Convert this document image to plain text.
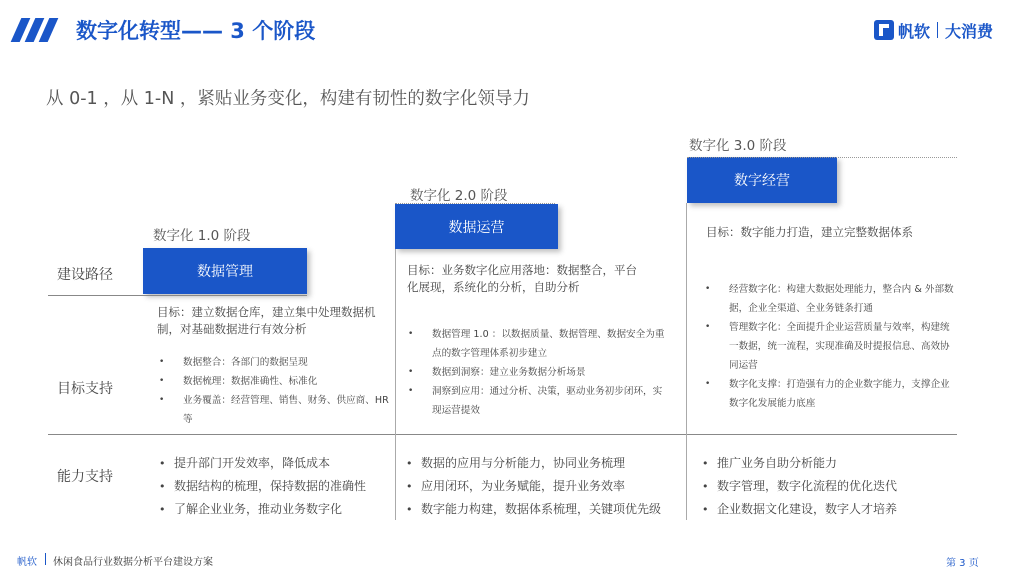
数字化转型—— 3 个阶段	帆软 大消费
从 0-1 ，从 1-N ，紧贴业务变化，构建有韧性的数字化领导力
数字化 1.0 阶段
数字化 2.0 阶段
数字化 3.0 阶段
数据管理
数据运营
数字经营
建设路径
目标支持
能力支持
目标：建立数据仓库，建立集中处理数据机制，对基础数据进行有效分析
目标：业务数字化应用落地：数据整合，平台化展现，系统化的分析，自助分析
目标：数字能力打造，建立完整数据体系
• 数据整合：各部门的数据呈现
• 数据梳理：数据准确性、标准化
• 业务覆盖：经营管理、销售、财务、供应商、HR 等
• 数据管理 1.0 ：以数据质量、数据管理、数据安全为重点的数字管理体系初步建立
• 数据到洞察：建立业务数据分析场景
• 洞察到应用：通过分析、决策，驱动业务初步闭环，实现运营提效
• 经营数字化：构建大数据处理能力，整合内 & 外部数据，企业全渠道、全业务链条打通
• 管理数字化：全面提升企业运营质量与效率，构建统一数据，统一流程，实现准确及时提报信息、高效协同运营
• 数字化支撑：打造强有力的企业数字能力，支撑企业数字化发展能力底座
• 提升部门开发效率，降低成本
• 数据结构的梳理，保持数据的准确性
• 了解企业业务，推动业务数字化
• 数据的应用与分析能力，协同业务梳理
• 应用闭环，为业务赋能，提升业务效率
• 数字能力构建，数据体系梳理，关键项优先级
• 推广业务自助分析能力
• 数字管理，数字化流程的优化迭代
• 企业数据文化建设，数字人才培养
帆软 休闲食品行业数据分析平台建设方案	第 3 页
